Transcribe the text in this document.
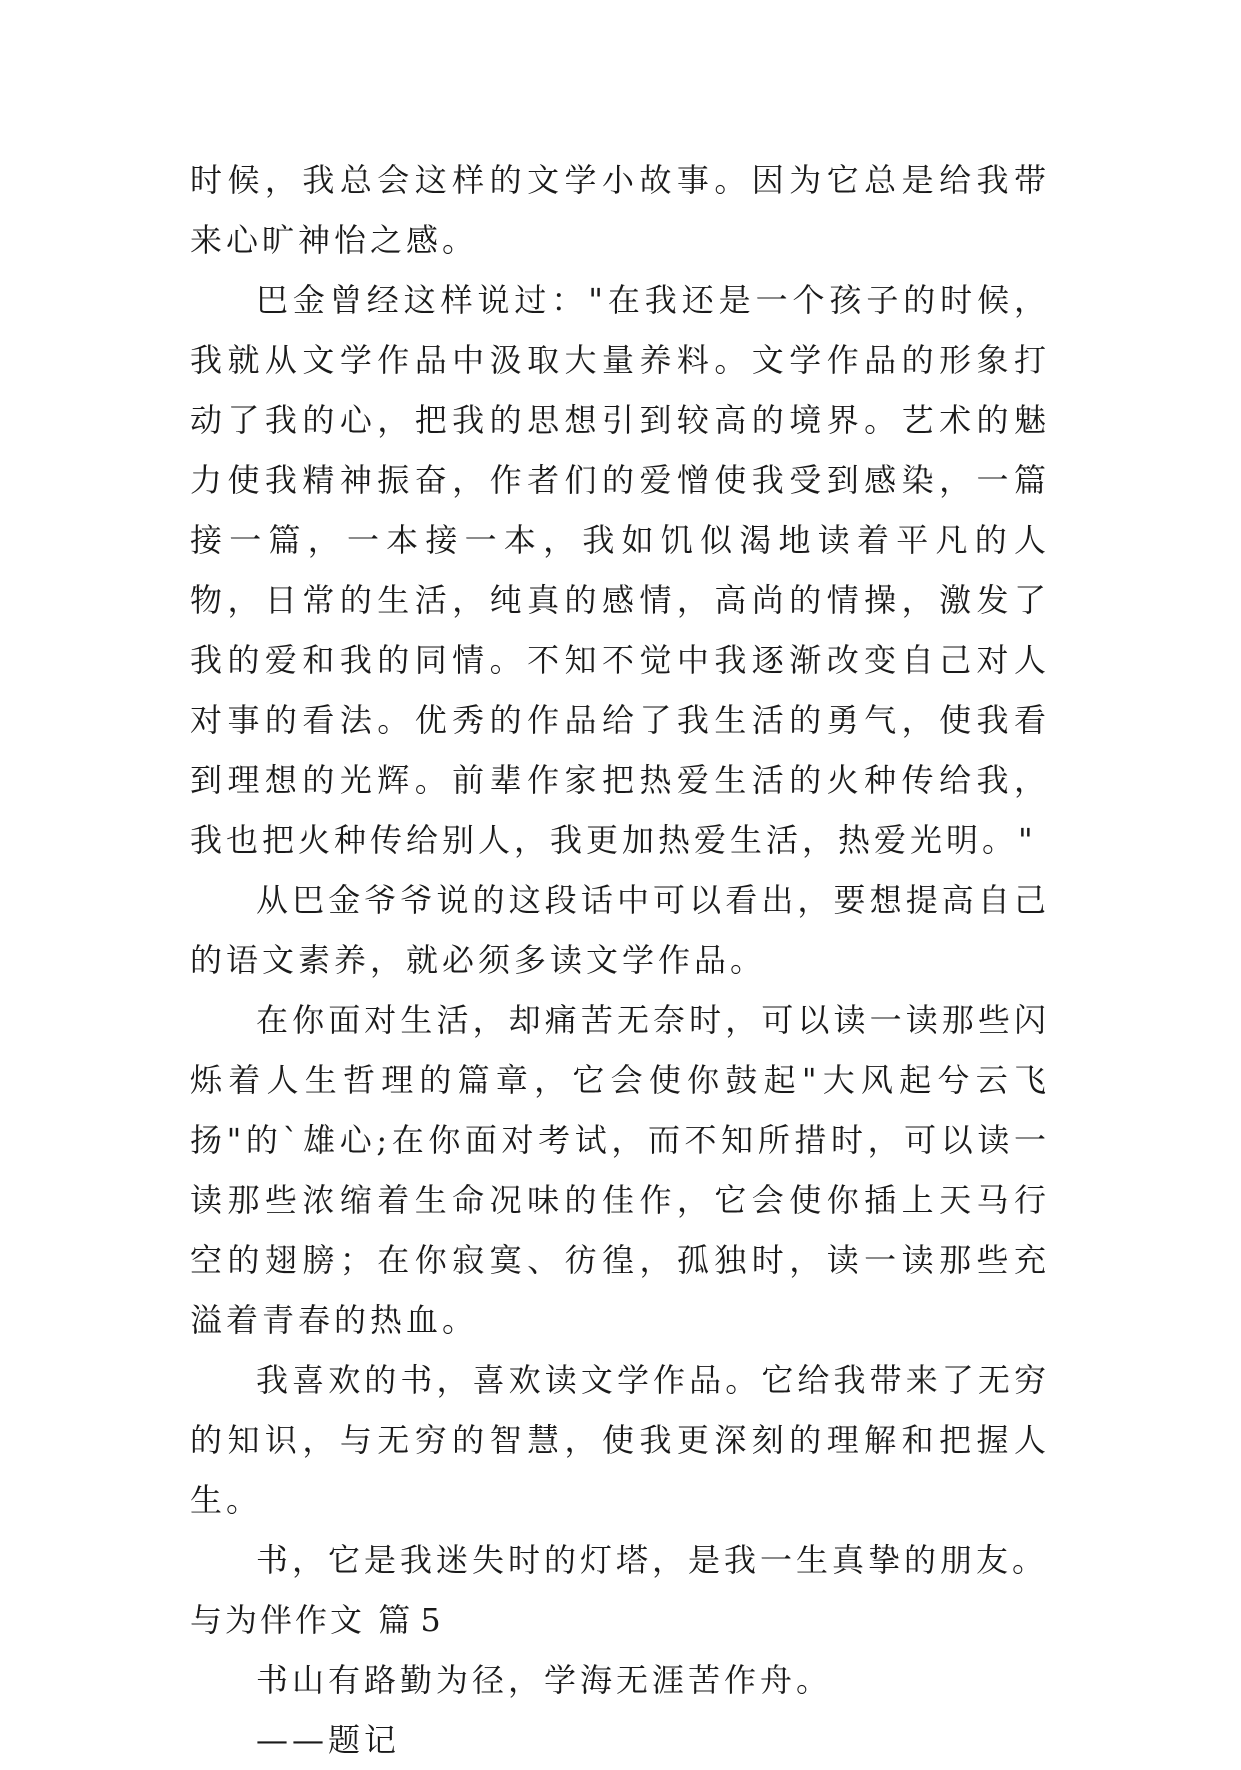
时候，我总会这样的文学小故事。因为它总是给我带来心旷神怡之感。

巴金曾经这样说过："在我还是一个孩子的时候，我就从文学作品中汲取大量养料。文学作品的形象打动了我的心，把我的思想引到较高的境界。艺术的魅力使我精神振奋，作者们的爱憎使我受到感染，一篇接一篇，一本接一本，我如饥似渴地读着平凡的人物，日常的生活，纯真的感情，高尚的情操，激发了我的爱和我的同情。不知不觉中我逐渐改变自己对人对事的看法。优秀的作品给了我生活的勇气，使我看到理想的光辉。前辈作家把热爱生活的火种传给我，我也把火种传给别人，我更加热爱生活，热爱光明。"

从巴金爷爷说的这段话中可以看出，要想提高自己的语文素养，就必须多读文学作品。

在你面对生活，却痛苦无奈时，可以读一读那些闪烁着人生哲理的篇章，它会使你鼓起"大风起兮云飞扬"的`雄心;在你面对考试，而不知所措时，可以读一读那些浓缩着生命况味的佳作，它会使你插上天马行空的翅膀；在你寂寞、彷徨，孤独时，读一读那些充溢着青春的热血。

我喜欢的书，喜欢读文学作品。它给我带来了无穷的知识，与无穷的智慧，使我更深刻的理解和把握人生。

书，它是我迷失时的灯塔，是我一生真挚的朋友。

与为伴作文 篇 5

书山有路勤为径，学海无涯苦作舟。

——题记
